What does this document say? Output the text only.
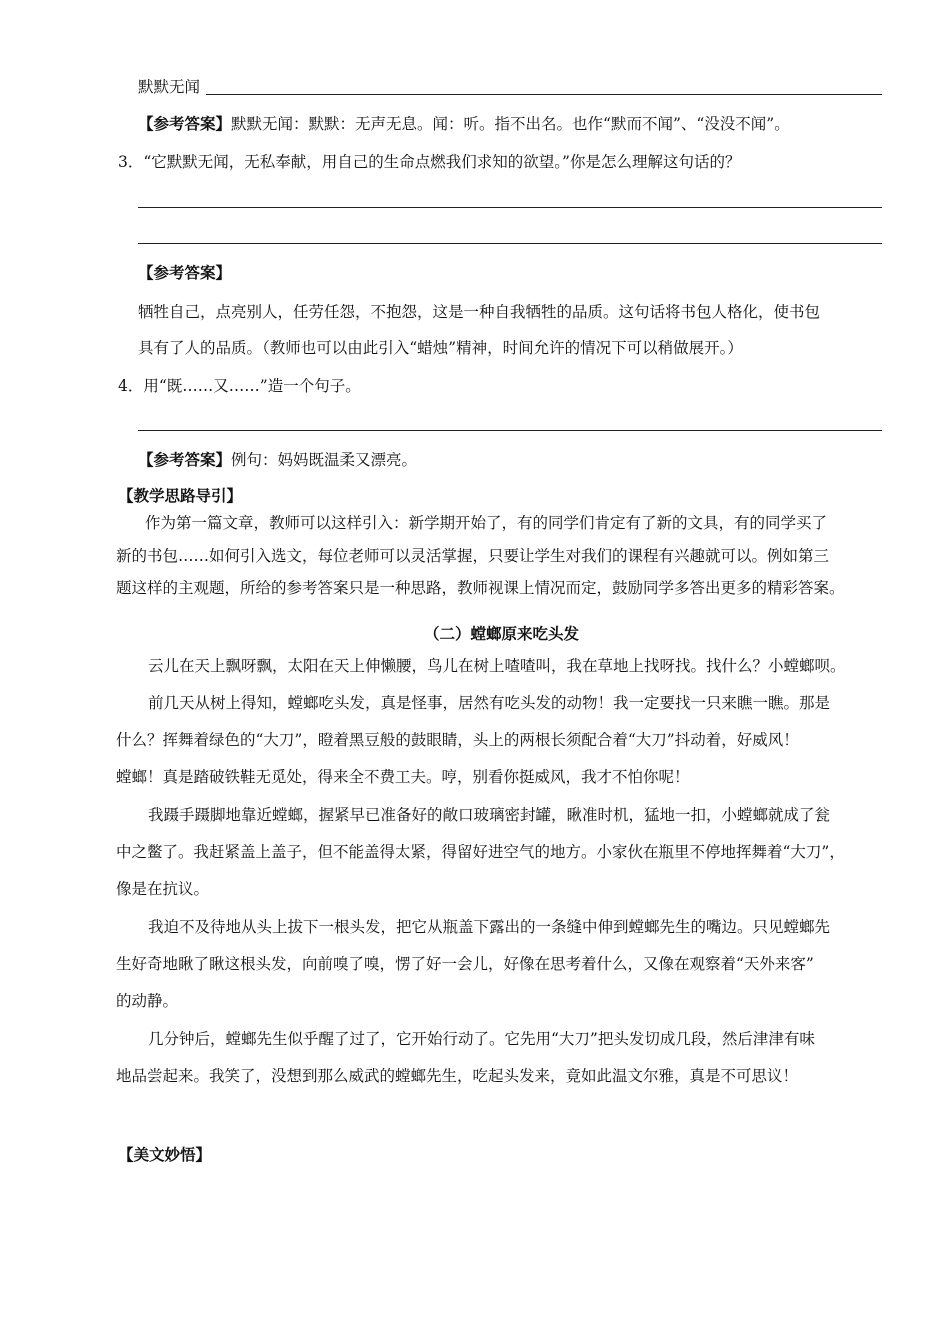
默默无闻
【参考答案】默默无闻：默默：无声无息。闻：听。指不出名。也作“默而不闻”、“没没不闻”。
3．“它默默无闻，无私奉献，用自己的生命点燃我们求知的欲望。”你是怎么理解这句话的？
【参考答案】
牺牲自己，点亮别人，任劳任怨，不抱怨，这是一种自我牺牲的品质。这句话将书包人格化，使书包
具有了人的品质。（教师也可以由此引入“蜡烛”精神，时间允许的情况下可以稍做展开。）
4．用“既……又……”造一个句子。
【参考答案】例句：妈妈既温柔又漂亮。
【教学思路导引】
作为第一篇文章，教师可以这样引入：新学期开始了，有的同学们肯定有了新的文具，有的同学买了
新的书包……如何引入选文，每位老师可以灵活掌握，只要让学生对我们的课程有兴趣就可以。例如第三
题这样的主观题，所给的参考答案只是一种思路，教师视课上情况而定，鼓励同学多答出更多的精彩答案。
（二）螳螂原来吃头发
云儿在天上飘呀飘，太阳在天上伸懒腰，鸟儿在树上喳喳叫，我在草地上找呀找。找什么？小螳螂呗。
前几天从树上得知，螳螂吃头发，真是怪事，居然有吃头发的动物！我一定要找一只来瞧一瞧。那是
什么？挥舞着绿色的“大刀”，瞪着黑豆般的鼓眼睛，头上的两根长须配合着“大刀”抖动着，好威风！
螳螂！真是踏破铁鞋无觅处，得来全不费工夫。哼，别看你挺威风，我才不怕你呢！
我蹑手蹑脚地靠近螳螂，握紧早已准备好的敞口玻璃密封罐，瞅准时机，猛地一扣，小螳螂就成了瓮
中之鳖了。我赶紧盖上盖子，但不能盖得太紧，得留好进空气的地方。小家伙在瓶里不停地挥舞着“大刀”，
像是在抗议。
我迫不及待地从头上拔下一根头发，把它从瓶盖下露出的一条缝中伸到螳螂先生的嘴边。只见螳螂先
生好奇地瞅了瞅这根头发，向前嗅了嗅，愣了好一会儿，好像在思考着什么，又像在观察着“天外来客”
的动静。
几分钟后，螳螂先生似乎醒了过了，它开始行动了。它先用“大刀”把头发切成几段，然后津津有味
地品尝起来。我笑了，没想到那么威武的螳螂先生，吃起头发来，竟如此温文尔雅，真是不可思议！
【美文妙悟】
